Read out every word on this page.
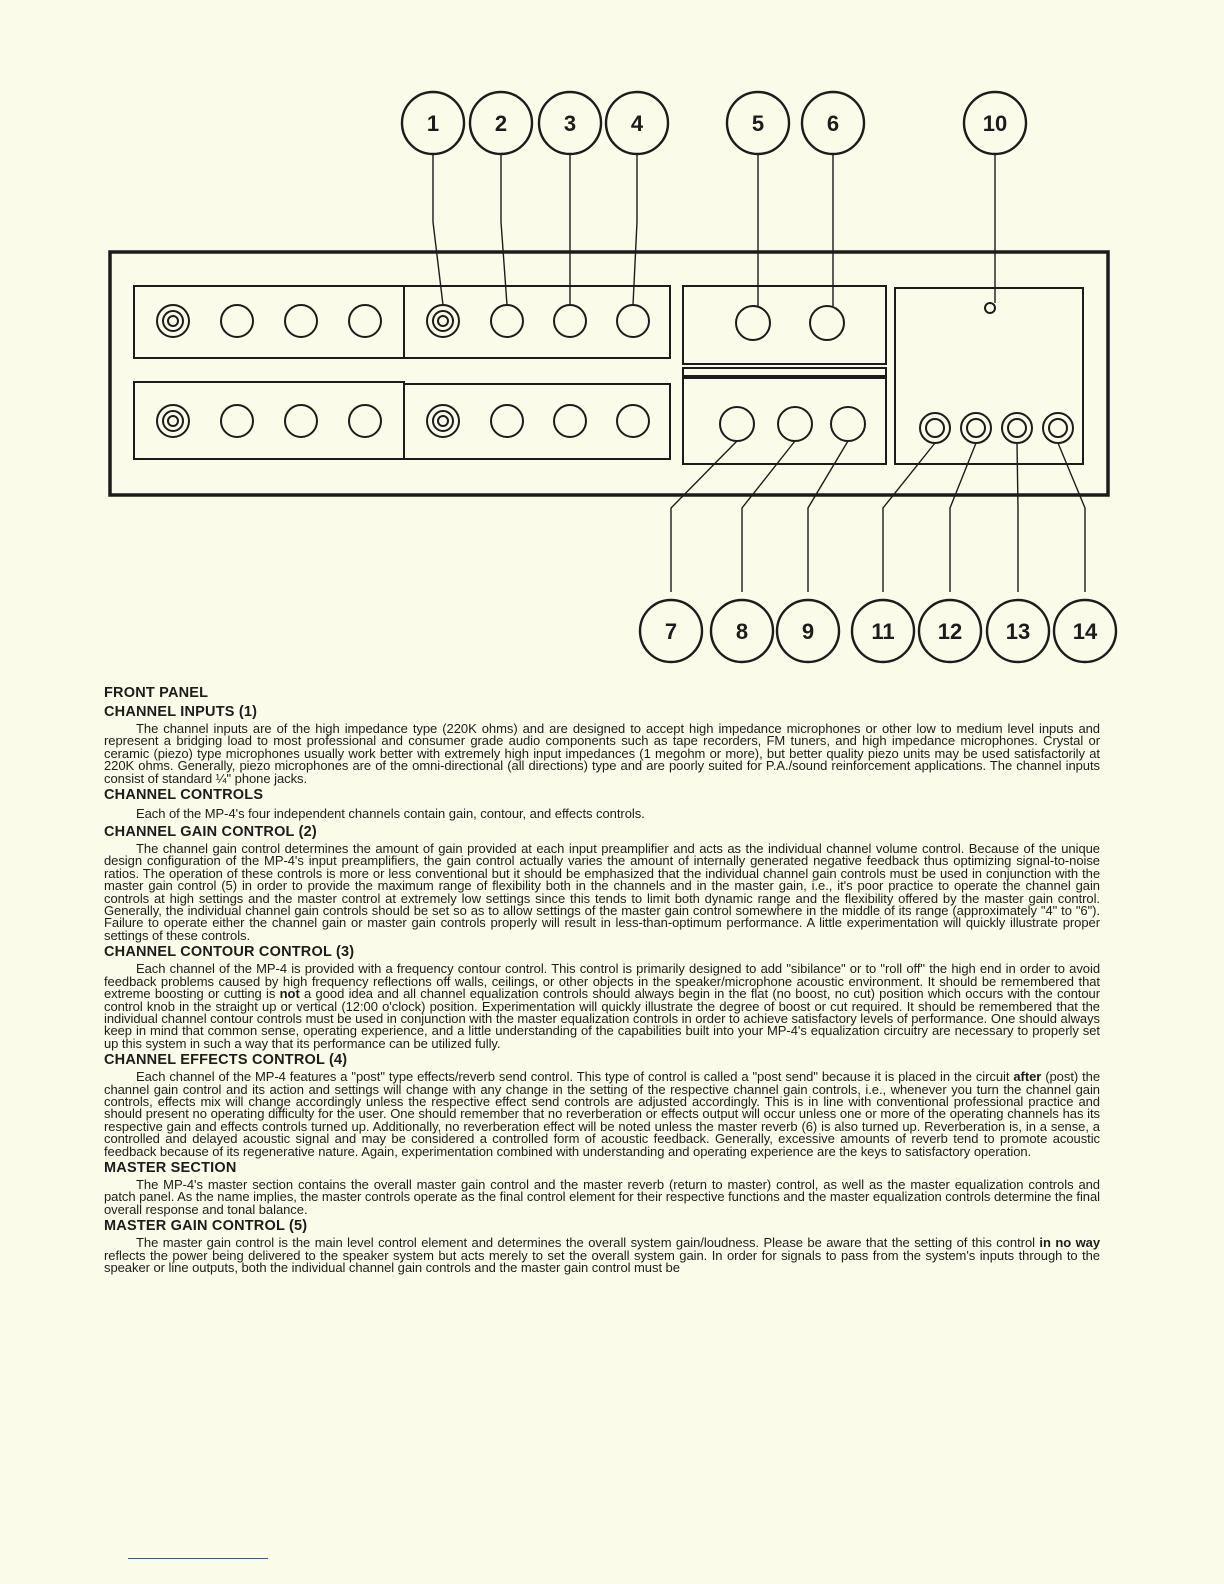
1	2	3 4	5	6	10
7	8 9	11 12 13 14
FRONT PANEL
CHANNEL INPUTS (1)

The channel inputs are of the high impedance type (220K ohms) and are designed to accept high impedance microphones or other low to medium level inputs and represent a bridging load to most professional and consumer grade audio components such as tape recorders, FM tuners, and high impedance microphones. Crystal or ceramic (piezo) type microphones usually work better with extremely high input impedances (1 megohm or more), but better quality piezo units may be used satisfactorily at 220K ohms. Generally, piezo microphones are of the omni-directional (all directions) type and are poorly suited for P.A./sound reinforcement applications. The channel inputs consist of standard ¼" phone jacks.

CHANNEL CONTROLS

Each of the MP-4's four independent channels contain gain, contour, and effects controls.

CHANNEL GAIN CONTROL (2)

The channel gain control determines the amount of gain provided at each input preamplifier and acts as the individual channel volume control. Because of the unique design configuration of the MP-4's input preamplifiers, the gain control actually varies the amount of internally generated negative feedback thus optimizing signal-to-noise ratios. The operation of these controls is more or less conventional but it should be emphasized that the individual channel gain controls must be used in conjunction with the master gain control (5) in order to provide the maximum range of flexibility both in the channels and in the master gain, i.e., it's poor practice to operate the channel gain controls at high settings and the master control at extremely low settings since this tends to limit both dynamic range and the flexibility offered by the master gain control. Generally, the individual channel gain controls should be set so as to allow settings of the master gain control somewhere in the middle of its range (approximately "4" to "6"). Failure to operate either the channel gain or master gain controls properly will result in less-than-optimum performance. A little experimentation will quickly illustrate proper settings of these controls.

CHANNEL CONTOUR CONTROL (3)

Each channel of the MP-4 is provided with a frequency contour control. This control is primarily designed to add "sibilance" or to "roll off" the high end in order to avoid feedback problems caused by high frequency reflections off walls, ceilings, or other objects in the speaker/microphone acoustic environment. It should be remembered that extreme boosting or cutting is not a good idea and all channel equalization controls should always begin in the flat (no boost, no cut) position which occurs with the contour control knob in the straight up or vertical (12:00 o'clock) position. Experimentation will quickly illustrate the degree of boost or cut required. It should be remembered that the individual channel contour controls must be used in conjunction with the master equalization controls in order to achieve satisfactory levels of performance. One should always keep in mind that common sense, operating experience, and a little understanding of the capabilities built into your MP-4's equalization circuitry are necessary to properly set up this system in such a way that its performance can be utilized fully.

CHANNEL EFFECTS CONTROL (4)

Each channel of the MP-4 features a "post" type effects/reverb send control. This type of control is called a "post send" because it is placed in the circuit after (post) the channel gain control and its action and settings will change with any change in the setting of the respective channel gain controls, i.e., whenever you turn the channel gain controls, effects mix will change accordingly unless the respective effect send controls are adjusted accordingly. This is in line with conventional professional practice and should present no operating difficulty for the user. One should remember that no reverberation or effects output will occur unless one or more of the operating channels has its respective gain and effects controls turned up. Additionally, no reverberation effect will be noted unless the master reverb (6) is also turned up. Reverberation is, in a sense, a controlled and delayed acoustic signal and may be considered a controlled form of acoustic feedback. Generally, excessive amounts of reverb tend to promote acoustic feedback because of its regenerative nature. Again, experimentation combined with understanding and operating experience are the keys to satisfactory operation.

MASTER SECTION

The MP-4's master section contains the overall master gain control and the master reverb (return to master) control, as well as the master equalization controls and patch panel. As the name implies, the master controls operate as the final control element for their respective functions and the master equalization controls determine the final overall response and tonal balance.

MASTER GAIN CONTROL (5)

The master gain control is the main level control element and determines the overall system gain/loudness. Please be aware that the setting of this control in no way reflects the power being delivered to the speaker system but acts merely to set the overall system gain. In order for signals to pass from the system's inputs through to the speaker or line outputs, both the individual channel gain controls and the master gain control must be
